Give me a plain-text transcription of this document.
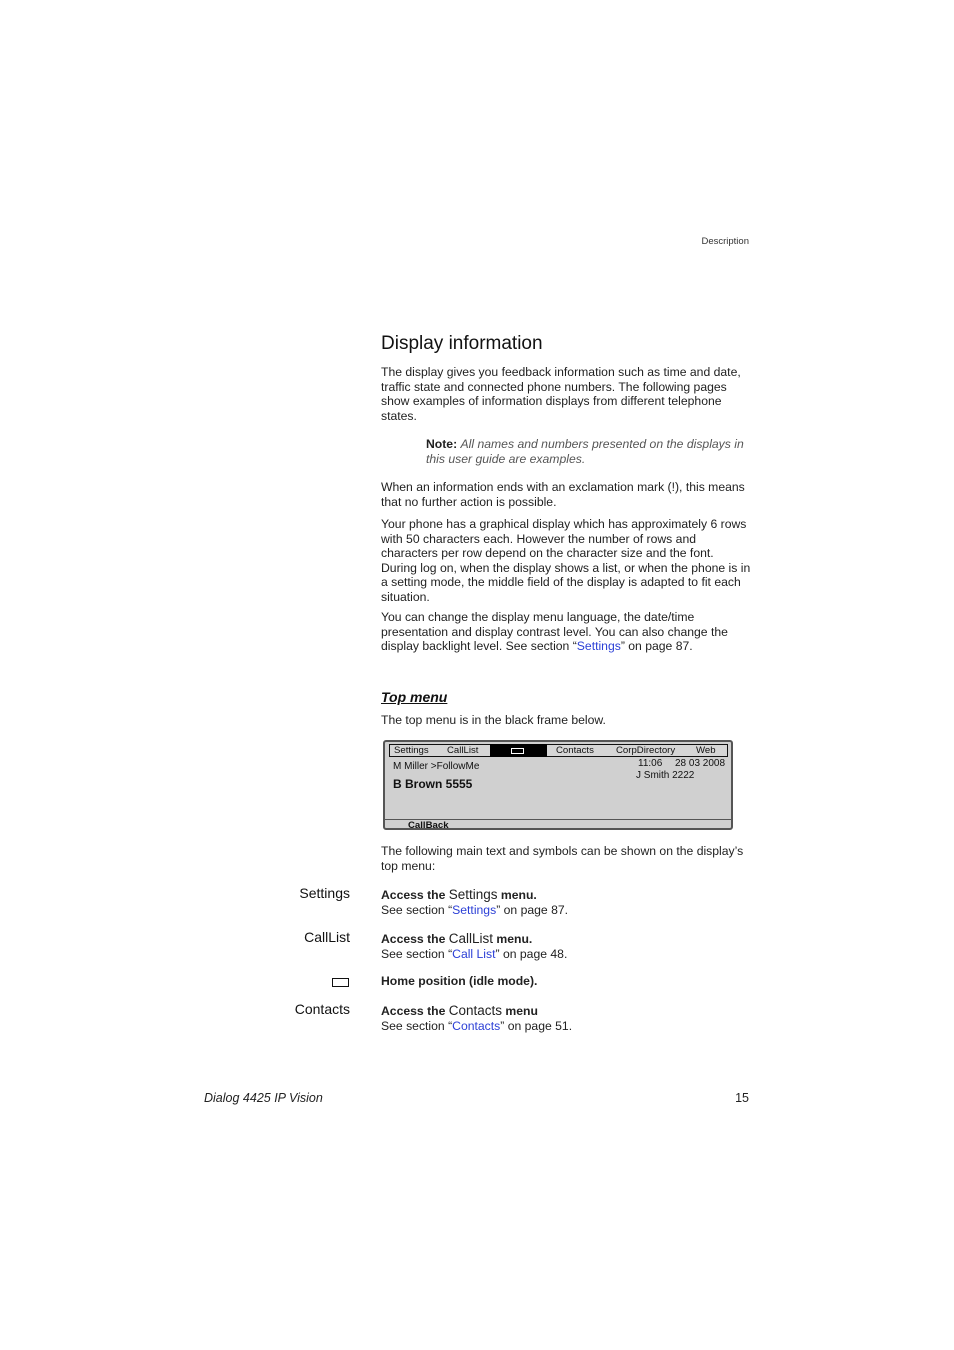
Description
Display information

The display gives you feedback information such as time and date, traffic state and connected phone numbers. The following pages show examples of information displays from different telephone states.

Note: All names and numbers presented on the displays in this user guide are examples.

When an information ends with an exclamation mark (!), this means that no further action is possible.

Your phone has a graphical display which has approximately 6 rows with 50 characters each. However the number of rows and characters per row depend on the character size and the font. During log on, when the display shows a list, or when the phone is in a setting mode, the middle field of the display is adapted to fit each situation.

You can change the display menu language, the date/time presentation and display contrast level. You can also change the display backlight level. See section “Settings” on page 87.

Top menu

The top menu is in the black frame below.

Settings CallList	Contacts CorpDirectory Web
M Miller >FollowMe	11:06 28 03 2008
J Smith 2222
B Brown 5555
CallBack

The following main text and symbols can be shown on the display’s top menu:

Settings	Access the Settings menu.
See section “Settings” on page 87.
CallList	Access the CallList menu.
See section “Call List” on page 48.
Home position (idle mode).
Contacts	Access the Contacts menu
See section “Contacts” on page 51.
Dialog 4425 IP Vision	15
